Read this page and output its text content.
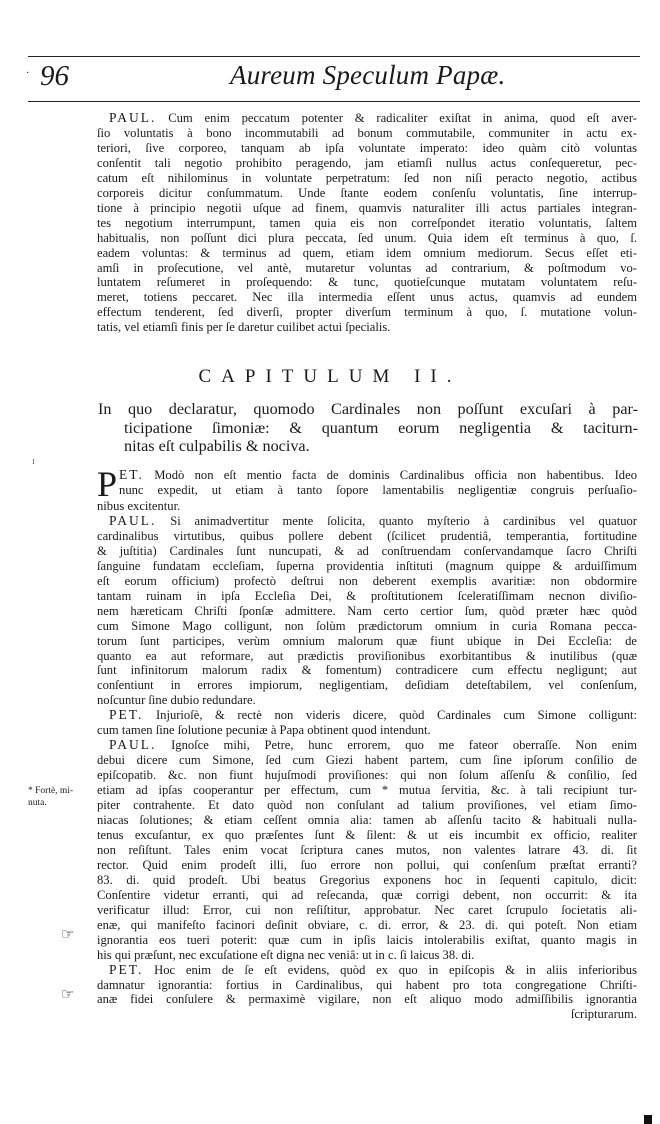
· 96	Aureum Speculum Papæ.

PAUL. Cum enim peccatum potenter & radicaliter exiſtat in anima, quod eſt aver-
ſio voluntatis à bono incommutabili ad bonum commutabile, communiter in actu ex-
teriori, ſive corporeo, tanquam ab ipſa voluntate imperato: ideo quàm citò voluntas
conſentit tali negotio prohibito peragendo, jam etiamſi nullus actus conſequeretur, pec-
catum eſt nihilominus in voluntate perpetratum: ſed non niſi peracto negotio, actibus
corporeis dicitur conſummatum. Unde ſtante eodem conſenſu voluntatis, ſine interrup-
tione à principio negotii uſque ad finem, quamvis naturaliter illi actus partiales integran-
tes negotium interrumpunt, tamen quia eis non correſpondet iteratio voluntatis, ſaltem
habitualis, non poſſunt dici plura peccata, ſed unum. Quia idem eſt terminus à quo, ſ.
eadem voluntas: & terminus ad quem, etiam idem omnium mediorum. Secus eſſet eti-
amſi in proſecutione, vel antè, mutaretur voluntas ad contrarium, & poſtmodum vo-
luntatem reſumeret in proſequendo: & tunc, quotieſcunque mutatam voluntatem reſu-
meret, totiens peccaret. Nec illa intermedia eſſent unus actus, quamvis ad eundem
effectum tenderent, ſed diverſi, propter diverſum terminum à quo, ſ. mutatione volun-
tatis, vel etiamſi finis per ſe daretur cuilibet actui ſpecialis.

CAPITULUM II.
In quo declaratur, quomodo Cardinales non poſſunt excuſari à par-
ticipatione ſimoniæ: & quantum eorum negligentia & taciturn-
nitas eſt culpabilis & nociva.
ı

P ET. Modò non eſt mentio facta de dominis Cardinalibus officia non habentibus. Ideo
nunc expedit, ut etiam à tanto ſopore lamentabilis negligentiæ congruis perſuaſio-
nibus excitentur.

PAUL. Si animadvertitur mente ſolicita, quanto myſterio à cardinibus vel quatuor
cardinalibus virtutibus, quibus pollere debent (ſcilicet prudentiâ, temperantia, fortitudine
& juſtitia) Cardinales ſunt nuncupati, & ad conſtruendam conſervandamque ſacro Chriſti
ſanguine fundatam eccleſiam, ſuperna providentia inſtituti (magnum quippe & arduiſſimum
eſt eorum officium) profectò deſtrui non deberent exemplis avaritiæ: non obdormire
tantam ruinam in ipſa Eccleſia Dei, & proſtitutionem ſceleratiſſimam necnon diviſio-
nem hæreticam Chriſti ſponſæ admittere. Nam certo certior ſum, quòd præter hæc quòd
cum Simone Mago colligunt, non ſolùm prædictorum omnium in curia Romana pecca-
torum ſunt participes, verùm omnium malorum quæ fiunt ubique in Dei Eccleſia: de
quanto ea aut reformare, aut prædictis proviſionibus exorbitantibus & inutilibus (quæ
ſunt infinitorum malorum radix & fomentum) contradicere cum effectu negligunt; aut
conſentiunt in errores impiorum, negligentiam, deſidiam deteſtabilem, vel conſenſum,
noſcuntur ſine dubio redundare.

PET. Injurioſè, & rectè non videris dicere, quòd Cardinales cum Simone colligunt:
cum tamen ſine ſolutione pecuniæ à Papa obtinent quod intendunt.

PAUL. Ignoſce mihi, Petre, hunc errorem, quo me fateor oberraſſe. Non enim
debui dicere cum Simone, ſed cum Giezi habent partem, cum ſine ipſorum conſilio de
epiſcopatib. &c. non fiunt hujuſmodi proviſiones: qui non ſolum aſſenſu & conſilio, ſed
etiam ad ipſas cooperantur per effectum, cum * mutua ſervitia, &c. à tali recipiunt tur-
piter contrahente. Et dato quòd non conſulant ad talium proviſiones, vel etiam ſimo-
niacas ſolutiones; & etiam ceſſent omnia alia: tamen ab aſſenſu tacito & habituali nulla-
tenus excuſantur, ex quo præſentes ſunt & ſilent: & ut eis incumbit ex officio, realiter
non reſiſtunt. Tales enim vocat ſcriptura canes mutos, non valentes latrare 43. di. ſit
rector. Quid enim prodeſt illi, ſuo errore non pollui, qui conſenſum præſtat erranti?
83. di. quid prodeſt. Ubi beatus Gregorius exponens hoc in ſequenti capitulo, dicit:
Conſentire videtur erranti, qui ad reſecanda, quæ corrigi debent, non occurrit: & ita
verificatur illud: Error, cui non reſiſtitur, approbatur. Nec caret ſcrupulo ſocietatis ali-
enæ, qui manifeſto facinori deſinit obviare, c. di. error, & 23. di. qui poteſt. Non etiam
ignorantia eos tueri poterit: quæ cum in ipſis laicis intolerabilis exiſtat, quanto magis in
his qui præſunt, nec excuſatione eſt digna nec veniâ: ut in c. ſi laicus 38. di.

PET. Hoc enim de ſe eſt evidens, quòd ex quo in epiſcopis & in aliis inferioribus
damnatur ignorantia: fortius in Cardinalibus, qui habent pro tota congregatione Chriſti-
anæ fidei conſulere & permaximè vigilare, non eſt aliquo modo admiſſibilis ignorantia
ſcripturarum.

* Fortè, mi-
nuta.
☞
☞
